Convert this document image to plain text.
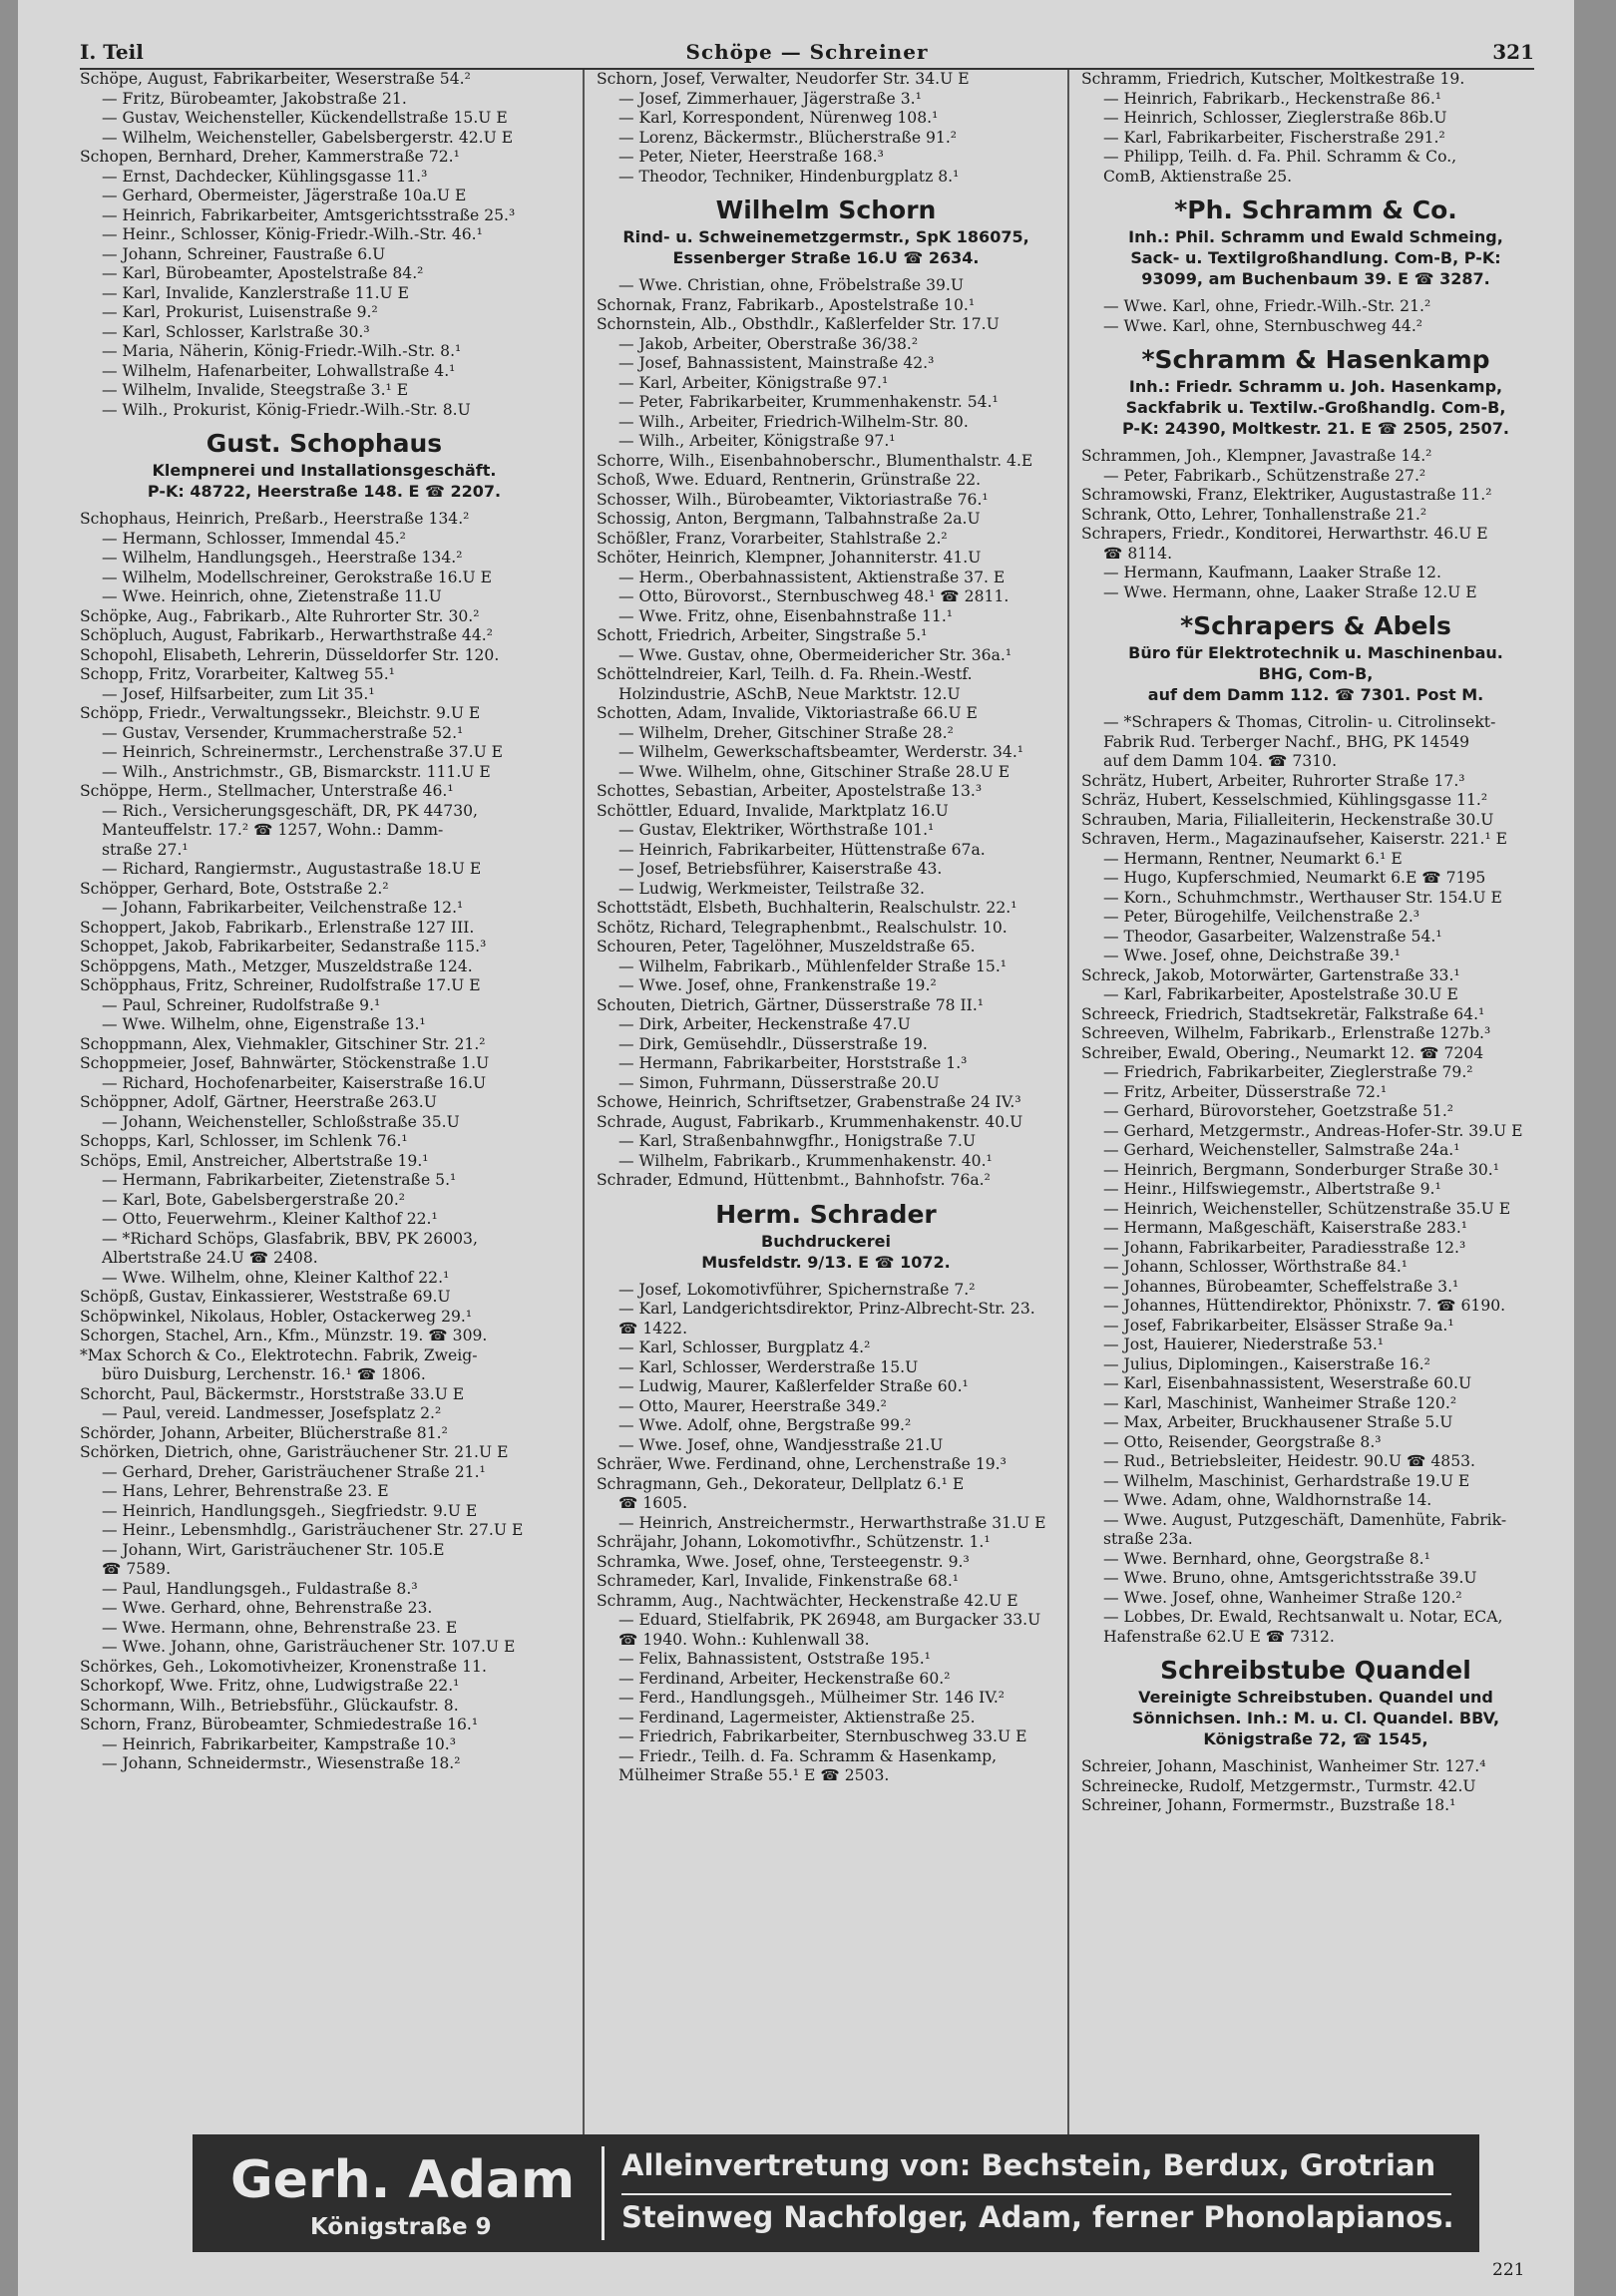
I. Teil	Schöpe — Schreiner	321
Schöpe, August, Fabrikarbeiter, Weserstraße 54.²
— Fritz, Bürobeamter, Jakobstraße 21.
— Gustav, Weichensteller, Kückendellstraße 15.U E
— Wilhelm, Weichensteller, Gabelsbergerstr. 42.U E
Schopen, Bernhard, Dreher, Kammerstraße 72.¹
— Ernst, Dachdecker, Kühlingsgasse 11.³
— Gerhard, Obermeister, Jägerstraße 10a.U E
— Heinrich, Fabrikarbeiter, Amtsgerichtsstraße 25.³
— Heinr., Schlosser, König-Friedr.-Wilh.-Str. 46.¹
— Johann, Schreiner, Faustraße 6.U
— Karl, Bürobeamter, Apostelstraße 84.²
— Karl, Invalide, Kanzlerstraße 11.U E
— Karl, Prokurist, Luisenstraße 9.²
— Karl, Schlosser, Karlstraße 30.³
— Maria, Näherin, König-Friedr.-Wilh.-Str. 8.¹
— Wilhelm, Hafenarbeiter, Lohwallstraße 4.¹
— Wilhelm, Invalide, Steegstraße 3.¹ E
— Wilh., Prokurist, König-Friedr.-Wilh.-Str. 8.U
Gust. Schophaus
Klempnerei und Installationsgeschäft.
P-K: 48722, Heerstraße 148. E ☎ 2207.
Schophaus, Heinrich, Preßarb., Heerstraße 134.²
— Hermann, Schlosser, Immendal 45.²
— Wilhelm, Handlungsgeh., Heerstraße 134.²
— Wilhelm, Modellschreiner, Gerokstraße 16.U E
— Wwe. Heinrich, ohne, Zietenstraße 11.U
Schöpke, Aug., Fabrikarb., Alte Ruhrorter Str. 30.²
Schöpluch, August, Fabrikarb., Herwarthstraße 44.²
Schopohl, Elisabeth, Lehrerin, Düsseldorfer Str. 120.
Schopp, Fritz, Vorarbeiter, Kaltweg 55.¹
— Josef, Hilfsarbeiter, zum Lit 35.¹
Schöpp, Friedr., Verwaltungssekr., Bleichstr. 9.U E
— Gustav, Versender, Krummacherstraße 52.¹
— Heinrich, Schreinermstr., Lerchenstraße 37.U E
— Wilh., Anstrichmstr., GB, Bismarckstr. 111.U E
Schöppe, Herm., Stellmacher, Unterstraße 46.¹
— Rich., Versicherungsgeschäft, DR, PK 44730,
Manteuffelstr. 17.² ☎ 1257, Wohn.: Damm-
straße 27.¹
— Richard, Rangiermstr., Augustastraße 18.U E
Schöpper, Gerhard, Bote, Oststraße 2.²
— Johann, Fabrikarbeiter, Veilchenstraße 12.¹
Schoppert, Jakob, Fabrikarb., Erlenstraße 127 III.
Schoppet, Jakob, Fabrikarbeiter, Sedanstraße 115.³
Schöppgens, Math., Metzger, Muszeldstraße 124.
Schöpphaus, Fritz, Schreiner, Rudolfstraße 17.U E
— Paul, Schreiner, Rudolfstraße 9.¹
— Wwe. Wilhelm, ohne, Eigenstraße 13.¹
Schoppmann, Alex, Viehmakler, Gitschiner Str. 21.²
Schoppmeier, Josef, Bahnwärter, Stöckenstraße 1.U
— Richard, Hochofenarbeiter, Kaiserstraße 16.U
Schöppner, Adolf, Gärtner, Heerstraße 263.U
— Johann, Weichensteller, Schloßstraße 35.U
Schopps, Karl, Schlosser, im Schlenk 76.¹
Schöps, Emil, Anstreicher, Albertstraße 19.¹
— Hermann, Fabrikarbeiter, Zietenstraße 5.¹
— Karl, Bote, Gabelsbergerstraße 20.²
— Otto, Feuerwehrm., Kleiner Kalthof 22.¹
— *Richard Schöps, Glasfabrik, BBV, PK 26003,
Albertstraße 24.U ☎ 2408.
— Wwe. Wilhelm, ohne, Kleiner Kalthof 22.¹
Schöpß, Gustav, Einkassierer, Weststraße 69.U
Schöpwinkel, Nikolaus, Hobler, Ostackerweg 29.¹
Schorgen, Stachel, Arn., Kfm., Münzstr. 19. ☎ 309.
*Max Schorch & Co., Elektrotechn. Fabrik, Zweig-
büro Duisburg, Lerchenstr. 16.¹ ☎ 1806.
Schorcht, Paul, Bäckermstr., Horststraße 33.U E
— Paul, vereid. Landmesser, Josefsplatz 2.²
Schörder, Johann, Arbeiter, Blücherstraße 81.²
Schörken, Dietrich, ohne, Garisträuchener Str. 21.U E
— Gerhard, Dreher, Garisträuchener Straße 21.¹
— Hans, Lehrer, Behrenstraße 23. E
— Heinrich, Handlungsgeh., Siegfriedstr. 9.U E
— Heinr., Lebensmhdlg., Garisträuchener Str. 27.U E
— Johann, Wirt, Garisträuchener Str. 105.E
☎ 7589.
— Paul, Handlungsgeh., Fuldastraße 8.³
— Wwe. Gerhard, ohne, Behrenstraße 23.
— Wwe. Hermann, ohne, Behrenstraße 23. E
— Wwe. Johann, ohne, Garisträuchener Str. 107.U E
Schörkes, Geh., Lokomotivheizer, Kronenstraße 11.
Schorkopf, Wwe. Fritz, ohne, Ludwigstraße 22.¹
Schormann, Wilh., Betriebsführ., Glückaufstr. 8.
Schorn, Franz, Bürobeamter, Schmiedestraße 16.¹
— Heinrich, Fabrikarbeiter, Kampstraße 10.³
— Johann, Schneidermstr., Wiesenstraße 18.²
Schorn, Josef, Verwalter, Neudorfer Str. 34.U E
— Josef, Zimmerhauer, Jägerstraße 3.¹
— Karl, Korrespondent, Nürenweg 108.¹
— Lorenz, Bäckermstr., Blücherstraße 91.²
— Peter, Nieter, Heerstraße 168.³
— Theodor, Techniker, Hindenburgplatz 8.¹
Wilhelm Schorn
Rind- u. Schweinemetzgermstr., SpK 186075,
Essenberger Straße 16.U ☎ 2634.
— Wwe. Christian, ohne, Fröbelstraße 39.U
Schornak, Franz, Fabrikarb., Apostelstraße 10.¹
Schornstein, Alb., Obsthdlr., Kaßlerfelder Str. 17.U
— Jakob, Arbeiter, Oberstraße 36/38.²
— Josef, Bahnassistent, Mainstraße 42.³
— Karl, Arbeiter, Königstraße 97.¹
— Peter, Fabrikarbeiter, Krummenhakenstr. 54.¹
— Wilh., Arbeiter, Friedrich-Wilhelm-Str. 80.
— Wilh., Arbeiter, Königstraße 97.¹
Schorre, Wilh., Eisenbahnoberschr., Blumenthalstr. 4.E
Schoß, Wwe. Eduard, Rentnerin, Grünstraße 22.
Schosser, Wilh., Bürobeamter, Viktoriastraße 76.¹
Schossig, Anton, Bergmann, Talbahnstraße 2a.U
Schößler, Franz, Vorarbeiter, Stahlstraße 2.²
Schöter, Heinrich, Klempner, Johanniterstr. 41.U
— Herm., Oberbahnassistent, Aktienstraße 37. E
— Otto, Bürovorst., Sternbuschweg 48.¹ ☎ 2811.
— Wwe. Fritz, ohne, Eisenbahnstraße 11.¹
Schott, Friedrich, Arbeiter, Singstraße 5.¹
— Wwe. Gustav, ohne, Obermeidericher Str. 36a.¹
Schöttelndreier, Karl, Teilh. d. Fa. Rhein.-Westf.
Holzindustrie, ASchB, Neue Marktstr. 12.U
Schotten, Adam, Invalide, Viktoriastraße 66.U E
— Wilhelm, Dreher, Gitschiner Straße 28.²
— Wilhelm, Gewerkschaftsbeamter, Werderstr. 34.¹
— Wwe. Wilhelm, ohne, Gitschiner Straße 28.U E
Schottes, Sebastian, Arbeiter, Apostelstraße 13.³
Schöttler, Eduard, Invalide, Marktplatz 16.U
— Gustav, Elektriker, Wörthstraße 101.¹
— Heinrich, Fabrikarbeiter, Hüttenstraße 67a.
— Josef, Betriebsführer, Kaiserstraße 43.
— Ludwig, Werkmeister, Teilstraße 32.
Schottstädt, Elsbeth, Buchhalterin, Realschulstr. 22.¹
Schötz, Richard, Telegraphenbmt., Realschulstr. 10.
Schouren, Peter, Tagelöhner, Muszeldstraße 65.
— Wilhelm, Fabrikarb., Mühlenfelder Straße 15.¹
— Wwe. Josef, ohne, Frankenstraße 19.²
Schouten, Dietrich, Gärtner, Düsserstraße 78 II.¹
— Dirk, Arbeiter, Heckenstraße 47.U
— Dirk, Gemüsehdlr., Düsserstraße 19.
— Hermann, Fabrikarbeiter, Horststraße 1.³
— Simon, Fuhrmann, Düsserstraße 20.U
Schowe, Heinrich, Schriftsetzer, Grabenstraße 24 IV.³
Schrade, August, Fabrikarb., Krummenhakenstr. 40.U
— Karl, Straßenbahnwgfhr., Honigstraße 7.U
— Wilhelm, Fabrikarb., Krummenhakenstr. 40.¹
Schrader, Edmund, Hüttenbmt., Bahnhofstr. 76a.²
Herm. Schrader
Buchdruckerei
Musfeldstr. 9/13. E ☎ 1072.
— Josef, Lokomotivführer, Spichernstraße 7.²
— Karl, Landgerichtsdirektor, Prinz-Albrecht-Str. 23.
☎ 1422.
— Karl, Schlosser, Burgplatz 4.²
— Karl, Schlosser, Werderstraße 15.U
— Ludwig, Maurer, Kaßlerfelder Straße 60.¹
— Otto, Maurer, Heerstraße 349.²
— Wwe. Adolf, ohne, Bergstraße 99.²
— Wwe. Josef, ohne, Wandjesstraße 21.U
Schräer, Wwe. Ferdinand, ohne, Lerchenstraße 19.³
Schragmann, Geh., Dekorateur, Dellplatz 6.¹ E
☎ 1605.
— Heinrich, Anstreichermstr., Herwarthstraße 31.U E
Schräjahr, Johann, Lokomotivfhr., Schützenstr. 1.¹
Schramka, Wwe. Josef, ohne, Tersteegenstr. 9.³
Schrameder, Karl, Invalide, Finkenstraße 68.¹
Schramm, Aug., Nachtwächter, Heckenstraße 42.U E
— Eduard, Stielfabrik, PK 26948, am Burgacker 33.U
☎ 1940. Wohn.: Kuhlenwall 38.
— Felix, Bahnassistent, Oststraße 195.¹
— Ferdinand, Arbeiter, Heckenstraße 60.²
— Ferd., Handlungsgeh., Mülheimer Str. 146 IV.²
— Ferdinand, Lagermeister, Aktienstraße 25.
— Friedrich, Fabrikarbeiter, Sternbuschweg 33.U E
— Friedr., Teilh. d. Fa. Schramm & Hasenkamp,
Mülheimer Straße 55.¹ E ☎ 2503.
Schramm, Friedrich, Kutscher, Moltkestraße 19.
— Heinrich, Fabrikarb., Heckenstraße 86.¹
— Heinrich, Schlosser, Zieglerstraße 86b.U
— Karl, Fabrikarbeiter, Fischerstraße 291.²
— Philipp, Teilh. d. Fa. Phil. Schramm & Co.,
ComB, Aktienstraße 25.
*Ph. Schramm & Co.
Inh.: Phil. Schramm und Ewald Schmeing,
Sack- u. Textilgroßhandlung. Com-B, P-K:
93099, am Buchenbaum 39. E ☎ 3287.
— Wwe. Karl, ohne, Friedr.-Wilh.-Str. 21.²
— Wwe. Karl, ohne, Sternbuschweg 44.²
*Schramm & Hasenkamp
Inh.: Friedr. Schramm u. Joh. Hasenkamp,
Sackfabrik u. Textilw.-Großhandlg. Com-B,
P-K: 24390, Moltkestr. 21. E ☎ 2505, 2507.
Schrammen, Joh., Klempner, Javastraße 14.²
— Peter, Fabrikarb., Schützenstraße 27.²
Schramowski, Franz, Elektriker, Augustastraße 11.²
Schrank, Otto, Lehrer, Tonhallenstraße 21.²
Schrapers, Friedr., Konditorei, Herwarthstr. 46.U E
☎ 8114.
— Hermann, Kaufmann, Laaker Straße 12.
— Wwe. Hermann, ohne, Laaker Straße 12.U E
*Schrapers & Abels
Büro für Elektrotechnik u. Maschinenbau.
BHG, Com-B,
auf dem Damm 112. ☎ 7301. Post M.
— *Schrapers & Thomas, Citrolin- u. Citrolinsekt-
Fabrik Rud. Terberger Nachf., BHG, PK 14549
auf dem Damm 104. ☎ 7310.
Schrätz, Hubert, Arbeiter, Ruhrorter Straße 17.³
Schräz, Hubert, Kesselschmied, Kühlingsgasse 11.²
Schrauben, Maria, Filialleiterin, Heckenstraße 30.U
Schraven, Herm., Magazinaufseher, Kaiserstr. 221.¹ E
— Hermann, Rentner, Neumarkt 6.¹ E
— Hugo, Kupferschmied, Neumarkt 6.E ☎ 7195
— Korn., Schuhmchmstr., Werthauser Str. 154.U E
— Peter, Bürogehilfe, Veilchenstraße 2.³
— Theodor, Gasarbeiter, Walzenstraße 54.¹
— Wwe. Josef, ohne, Deichstraße 39.¹
Schreck, Jakob, Motorwärter, Gartenstraße 33.¹
— Karl, Fabrikarbeiter, Apostelstraße 30.U E
Schreeck, Friedrich, Stadtsekretär, Falkstraße 64.¹
Schreeven, Wilhelm, Fabrikarb., Erlenstraße 127b.³
Schreiber, Ewald, Obering., Neumarkt 12. ☎ 7204
— Friedrich, Fabrikarbeiter, Zieglerstraße 79.²
— Fritz, Arbeiter, Düsserstraße 72.¹
— Gerhard, Bürovorsteher, Goetzstraße 51.²
— Gerhard, Metzgermstr., Andreas-Hofer-Str. 39.U E
— Gerhard, Weichensteller, Salmstraße 24a.¹
— Heinrich, Bergmann, Sonderburger Straße 30.¹
— Heinr., Hilfswiegemstr., Albertstraße 9.¹
— Heinrich, Weichensteller, Schützenstraße 35.U E
— Hermann, Maßgeschäft, Kaiserstraße 283.¹
— Johann, Fabrikarbeiter, Paradiesstraße 12.³
— Johann, Schlosser, Wörthstraße 84.¹
— Johannes, Bürobeamter, Scheffelstraße 3.¹
— Johannes, Hüttendirektor, Phönixstr. 7. ☎ 6190.
— Josef, Fabrikarbeiter, Elsässer Straße 9a.¹
— Jost, Hauierer, Niederstraße 53.¹
— Julius, Diplomingen., Kaiserstraße 16.²
— Karl, Eisenbahnassistent, Weserstraße 60.U
— Karl, Maschinist, Wanheimer Straße 120.²
— Max, Arbeiter, Bruckhausener Straße 5.U
— Otto, Reisender, Georgstraße 8.³
— Rud., Betriebsleiter, Heidestr. 90.U ☎ 4853.
— Wilhelm, Maschinist, Gerhardstraße 19.U E
— Wwe. Adam, ohne, Waldhornstraße 14.
— Wwe. August, Putzgeschäft, Damenhüte, Fabrik-
straße 23a.
— Wwe. Bernhard, ohne, Georgstraße 8.¹
— Wwe. Bruno, ohne, Amtsgerichtsstraße 39.U
— Wwe. Josef, ohne, Wanheimer Straße 120.²
— Lobbes, Dr. Ewald, Rechtsanwalt u. Notar, ECA,
Hafenstraße 62.U E ☎ 7312.
Schreibstube Quandel
Vereinigte Schreibstuben. Quandel und
Sönnichsen. Inh.: M. u. Cl. Quandel. BBV,
Königstraße 72, ☎ 1545,
Schreier, Johann, Maschinist, Wanheimer Str. 127.⁴
Schreinecke, Rudolf, Metzgermstr., Turmstr. 42.U
Schreiner, Johann, Formermstr., Buzstraße 18.¹
Gerh. Adam
Königstraße 9
Alleinvertretung von: Bechstein, Berdux, Grotrian
Steinweg Nachfolger, Adam, ferner Phonolapianos.
221
